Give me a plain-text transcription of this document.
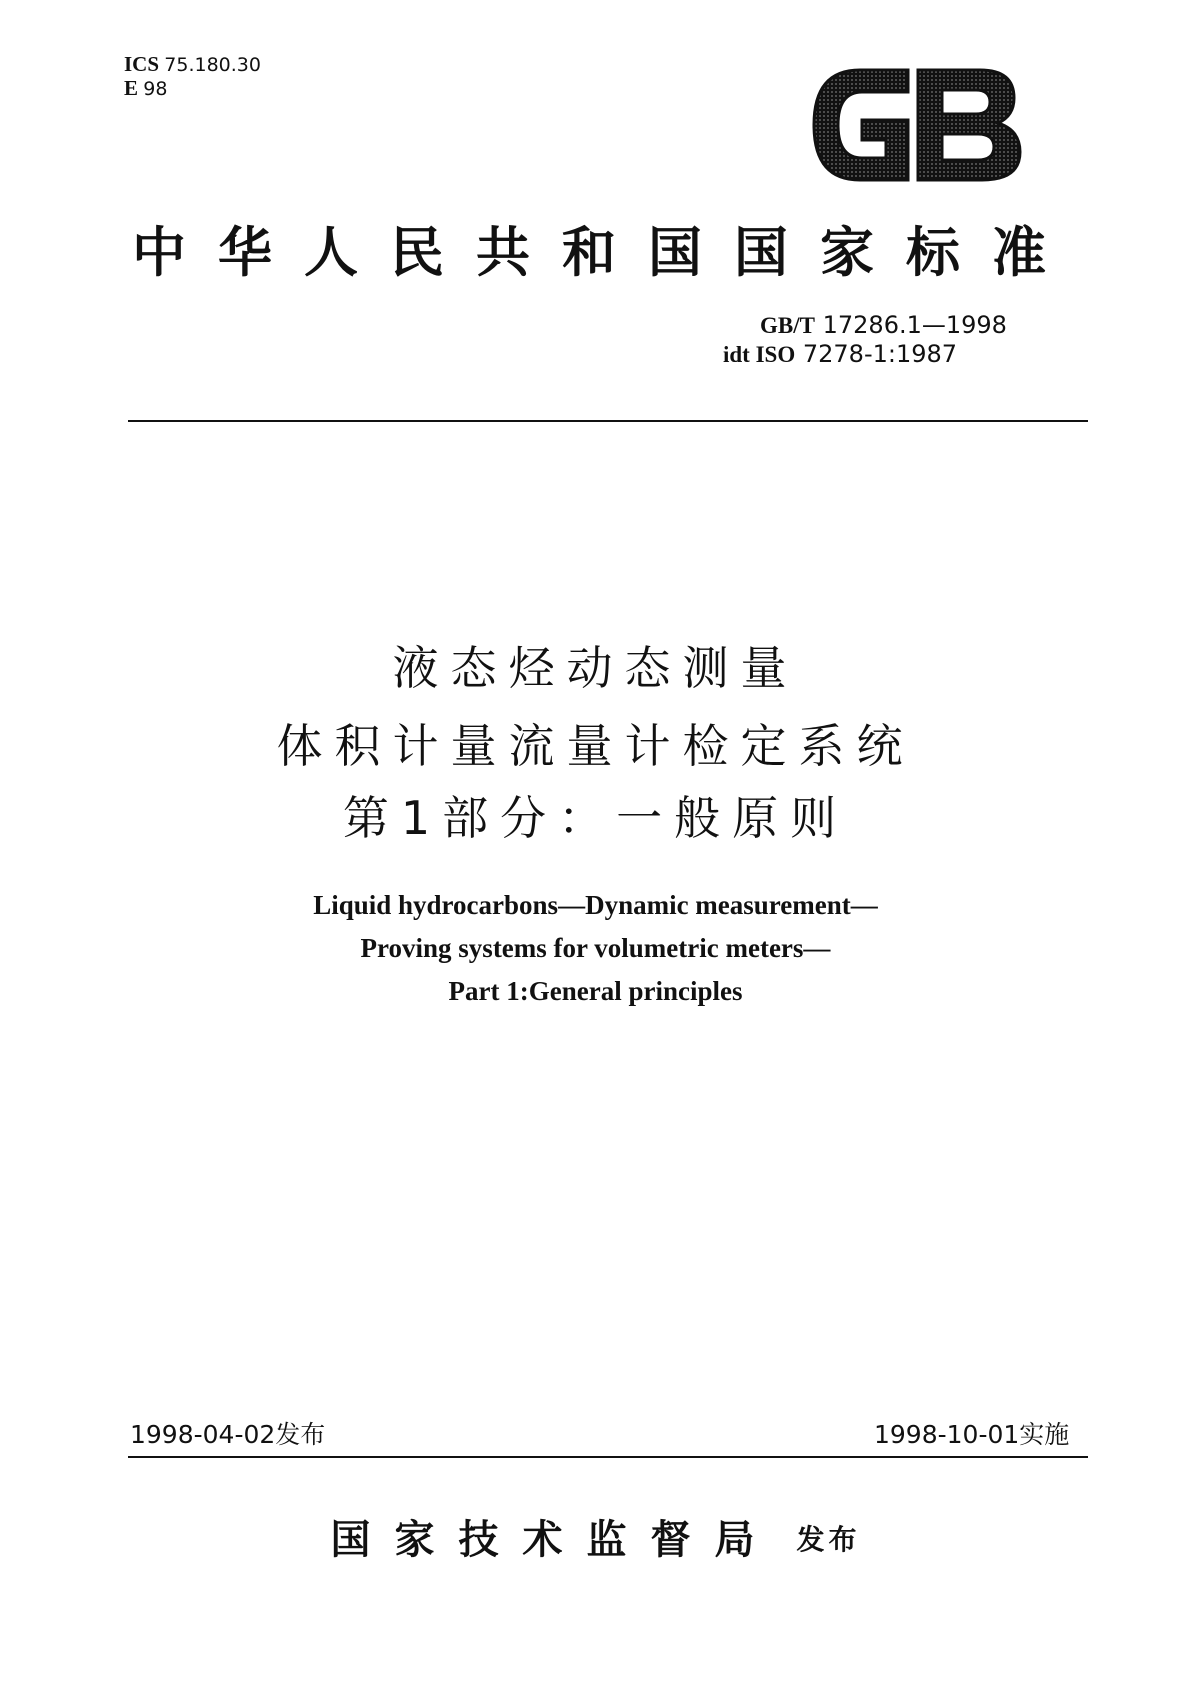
ICS 75.180.30
E 98
中华人民共和国国家标准
GB/T 17286.1—1998
idt ISO 7278-1:1987
液态烃动态测量
体积计量流量计检定系统
第1部分：一般原则
Liquid hydrocarbons—Dynamic measurement—
Proving systems for volumetric meters—
Part 1:General principles
1998-04-02发布	1998-10-01实施
国家技术监督局 发布
